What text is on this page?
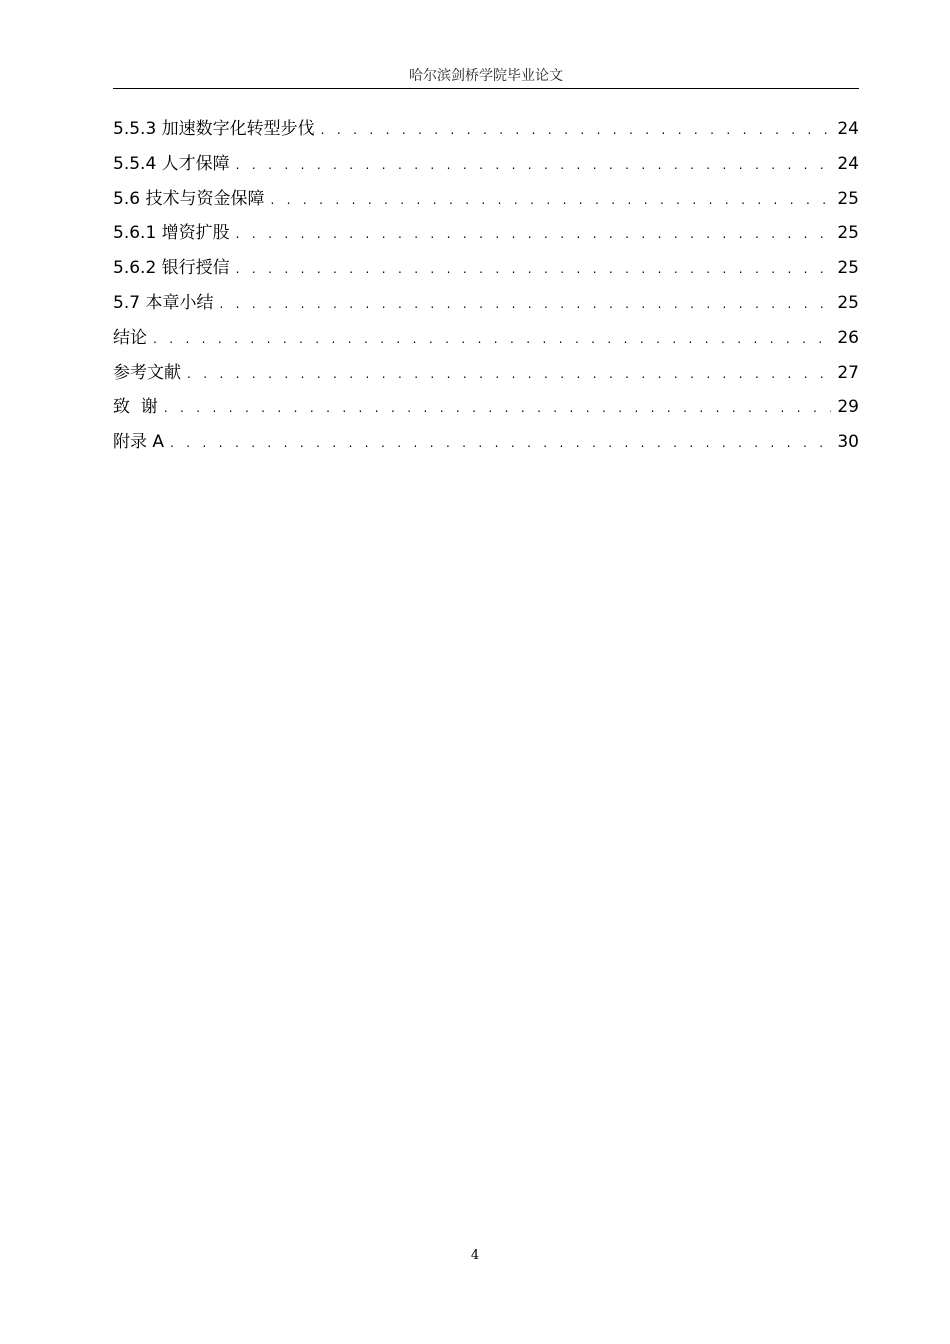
哈尔滨剑桥学院毕业论文
5.5.3 加速数字化转型步伐 . . .	24
5.5.4 人才保障 . . .	24
5.6 技术与资金保障 . . .	25
5.6.1 增资扩股 . . .	25
5.6.2 银行授信 . . .	25
5.7 本章小结 . . .	25
结论 . . .	26
参考文献 . . .	27
致  谢 . . .	29
附录 A . . .	30
4
